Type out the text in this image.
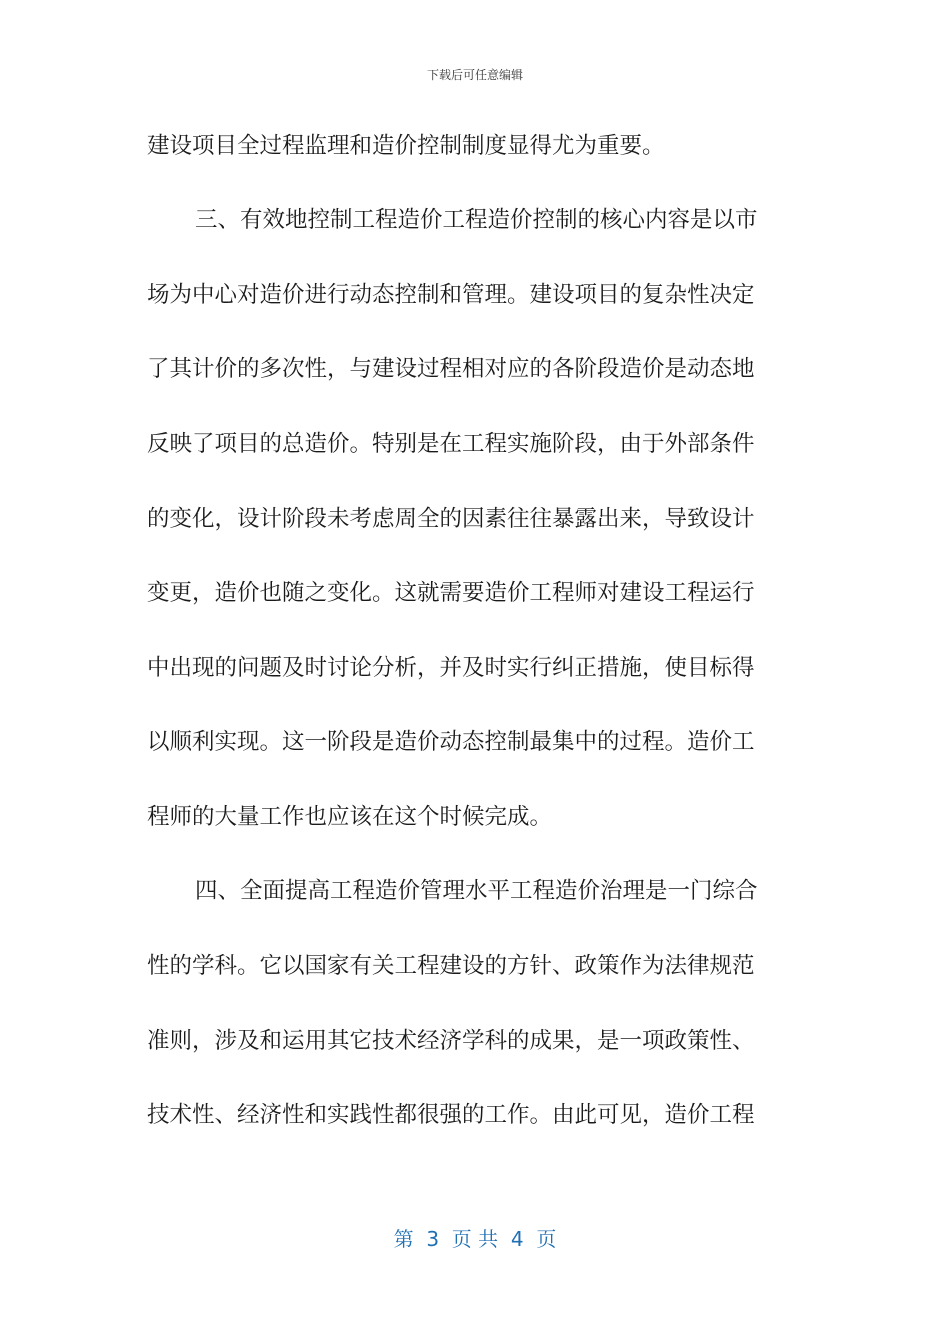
下载后可任意编辑
建设项目全过程监理和造价控制制度显得尤为重要。
三、有效地控制工程造价工程造价控制的核心内容是以市
场为中心对造价进行动态控制和管理。建设项目的复杂性决定
了其计价的多次性，与建设过程相对应的各阶段造价是动态地
反映了项目的总造价。特别是在工程实施阶段，由于外部条件
的变化，设计阶段未考虑周全的因素往往暴露出来，导致设计
变更，造价也随之变化。这就需要造价工程师对建设工程运行
中出现的问题及时讨论分析，并及时实行纠正措施，使目标得
以顺利实现。这一阶段是造价动态控制最集中的过程。造价工
程师的大量工作也应该在这个时候完成。
四、全面提高工程造价管理水平工程造价治理是一门综合
性的学科。它以国家有关工程建设的方针、政策作为法律规范
准则，涉及和运用其它技术经济学科的成果，是一项政策性、
技术性、经济性和实践性都很强的工作。由此可见，造价工程
第  3  页 共  4  页
